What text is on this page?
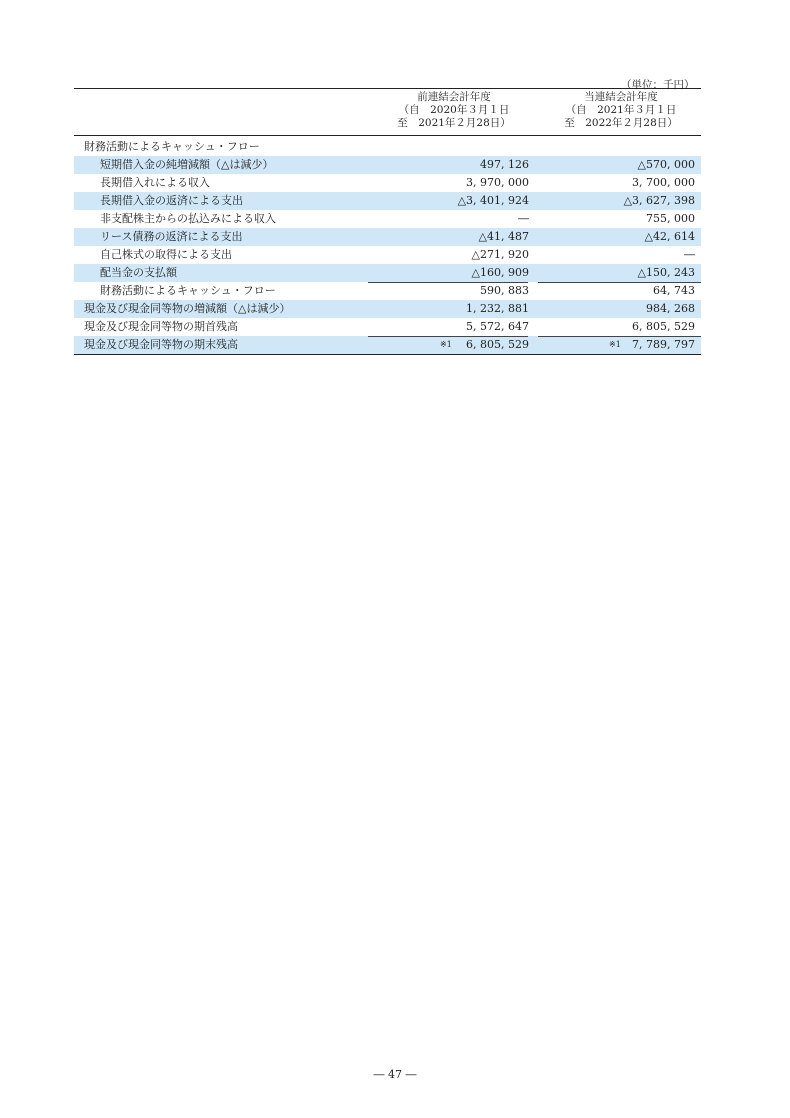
（単位：千円）
前連結会計年度
（自　2020年３月１日
至　2021年２月28日）
当連結会計年度
（自　2021年３月１日
至　2022年２月28日）
財務活動によるキャッシュ・フロー
短期借入金の純増減額（△は減少）	497, 126	△570, 000
長期借入れによる収入	3, 970, 000	3, 700, 000
長期借入金の返済による支出	△3, 401, 924	△3, 627, 398
非支配株主からの払込みによる収入	―	755, 000
リース債務の返済による支出	△41, 487	△42, 614
自己株式の取得による支出	△271, 920	―
配当金の支払額	△160, 909	△150, 243
財務活動によるキャッシュ・フロー	590, 883	64, 743
現金及び現金同等物の増減額（△は減少）	1, 232, 881	984, 268
現金及び現金同等物の期首残高	5, 572, 647	6, 805, 529
現金及び現金同等物の期末残高	※1 6, 805, 529	※1 7, 789, 797
― 47 ―
